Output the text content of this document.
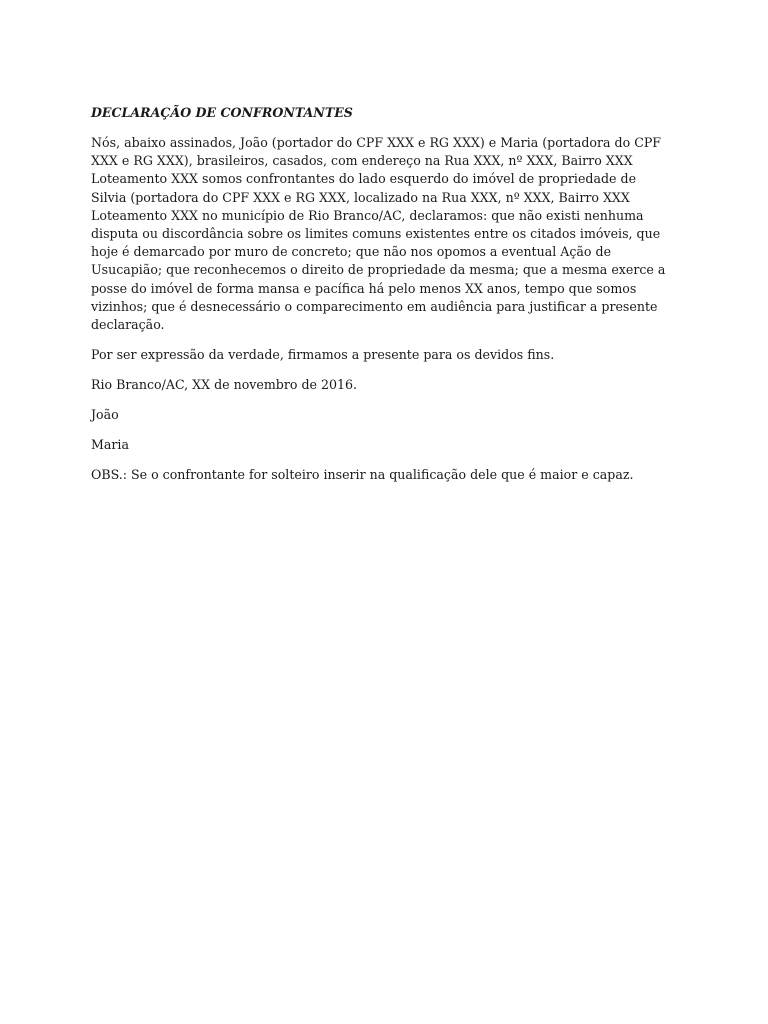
DECLARAÇÃO DE CONFRONTANTES

Nós, abaixo assinados, João (portador do CPF XXX e RG XXX) e Maria (portadora do CPF XXX e RG XXX), brasileiros, casados, com endereço na Rua XXX, nº XXX, Bairro XXX Loteamento XXX somos confrontantes do lado esquerdo do imóvel de propriedade de Silvia (portadora do CPF XXX e RG XXX, localizado na Rua XXX, nº XXX, Bairro XXX Loteamento XXX no município de Rio Branco/AC, declaramos: que não existi nenhuma disputa ou discordância sobre os limites comuns existentes entre os citados imóveis, que hoje é demarcado por muro de concreto; que não nos opomos a eventual Ação de Usucapião; que reconhecemos o direito de propriedade da mesma; que a mesma exerce a posse do imóvel de forma mansa e pacífica há pelo menos XX anos, tempo que somos vizinhos; que é desnecessário o comparecimento em audiência para justificar a presente declaração.

Por ser expressão da verdade, firmamos a presente para os devidos fins.

Rio Branco/AC, XX de novembro de 2016.

João

Maria

OBS.: Se o confrontante for solteiro inserir na qualificação dele que é maior e capaz.
